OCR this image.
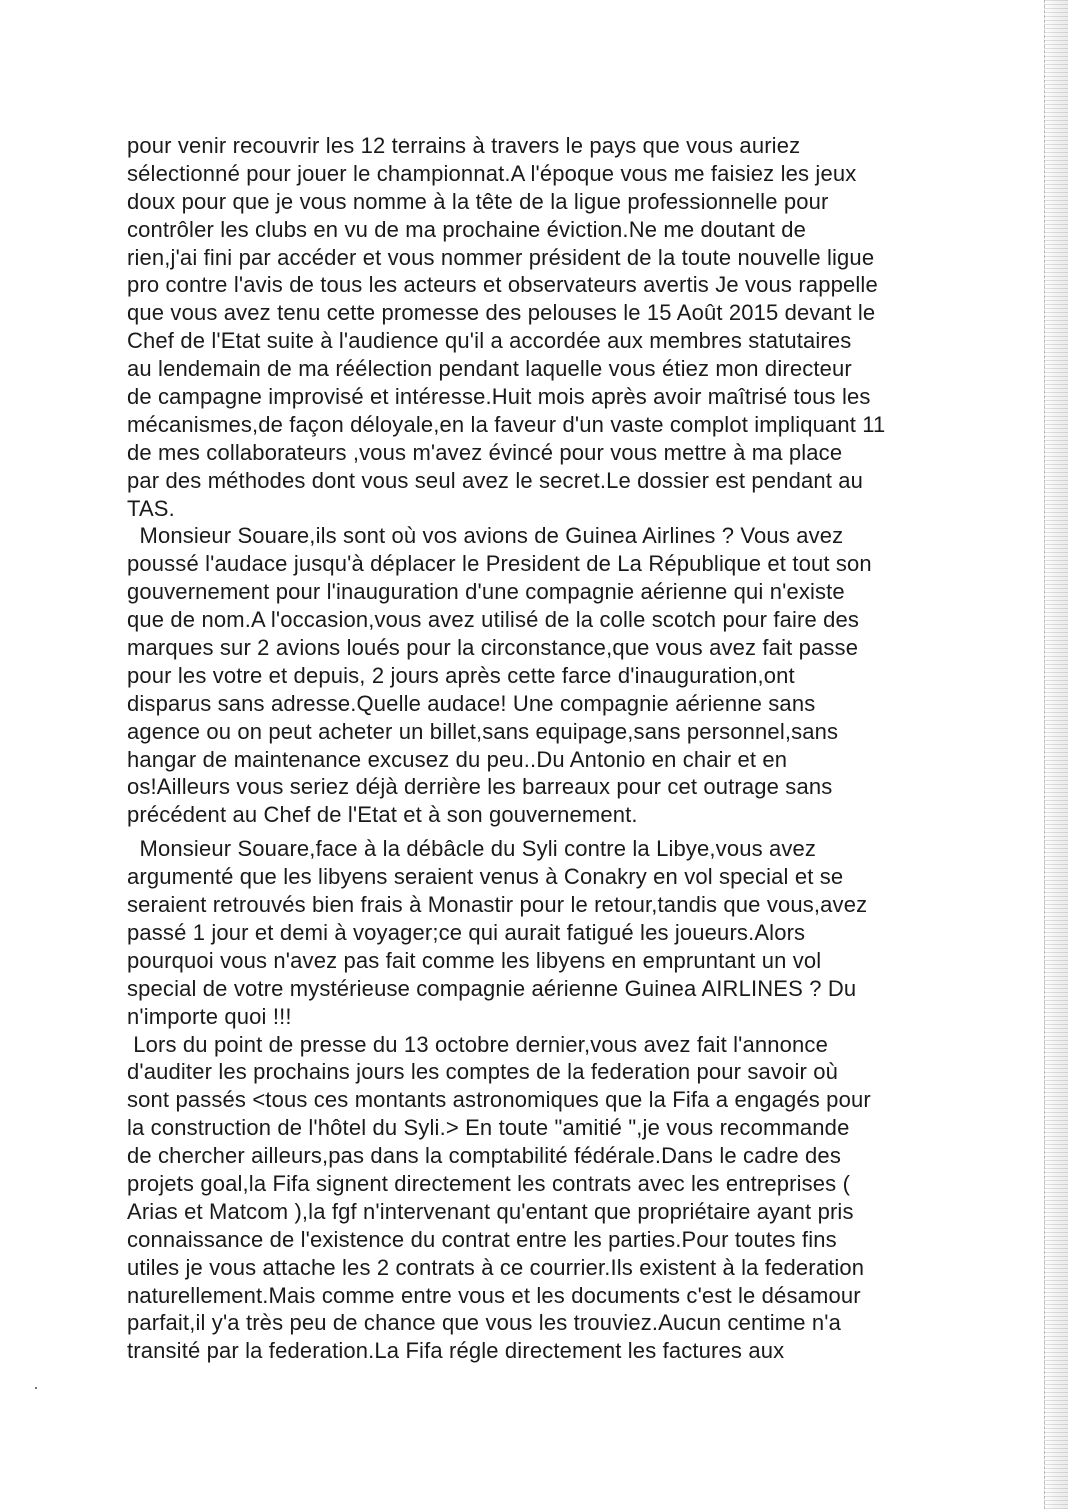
pour venir recouvrir les 12 terrains à travers le pays que vous auriez
sélectionné pour jouer le championnat.A l'époque vous me faisiez les jeux
doux pour que je vous nomme à la tête de la ligue professionnelle pour
contrôler les clubs en vu de ma prochaine éviction.Ne me doutant de
rien,j'ai fini par accéder et vous nommer président de la toute nouvelle ligue
pro contre l'avis de tous les acteurs et observateurs avertis Je vous rappelle
que vous avez tenu cette promesse des pelouses le 15 Août 2015 devant le
Chef de l'Etat suite à l'audience qu'il a accordée aux membres statutaires
au lendemain de ma réélection pendant laquelle vous étiez mon directeur
de campagne improvisé et intéresse.Huit mois après avoir maîtrisé tous les
mécanismes,de façon déloyale,en la faveur d'un vaste complot impliquant 11
de mes collaborateurs ,vous m'avez évincé pour vous mettre à ma place
par des méthodes dont vous seul avez le secret.Le dossier est pendant au
TAS.
Monsieur Souare,ils sont où vos avions de Guinea Airlines ? Vous avez
poussé l'audace jusqu'à déplacer le President de La République et tout son
gouvernement pour l'inauguration d'une compagnie aérienne qui n'existe
que de nom.A l'occasion,vous avez utilisé de la colle scotch pour faire des
marques sur 2 avions loués pour la circonstance,que vous avez fait passe
pour les votre et depuis, 2 jours après cette farce d'inauguration,ont
disparus sans adresse.Quelle audace! Une compagnie aérienne sans
agence ou on peut acheter un billet,sans equipage,sans personnel,sans
hangar de maintenance excusez du peu..Du Antonio en chair et en
os!Ailleurs vous seriez déjà derrière les barreaux pour cet outrage sans
précédent au Chef de l'Etat et à son gouvernement.
Monsieur Souare,face à la débâcle du Syli contre la Libye,vous avez
argumenté que les libyens seraient venus à Conakry en vol special et se
seraient retrouvés bien frais à Monastir pour le retour,tandis que vous,avez
passé 1 jour et demi à voyager;ce qui aurait fatigué les joueurs.Alors
pourquoi vous n'avez pas fait comme les libyens en empruntant un vol
special de votre mystérieuse compagnie aérienne Guinea AIRLINES ? Du
n'importe quoi !!!
Lors du point de presse du 13 octobre dernier,vous avez fait l'annonce
d'auditer les prochains jours les comptes de la federation pour savoir où
sont passés <tous ces montants astronomiques que la Fifa a engagés pour
la construction de l'hôtel du Syli.> En toute "amitié ",je vous recommande
de chercher ailleurs,pas dans la comptabilité fédérale.Dans le cadre des
projets goal,la Fifa signent directement les contrats avec les entreprises (
Arias et Matcom ),la fgf n'intervenant qu'entant que propriétaire ayant pris
connaissance de l'existence du contrat entre les parties.Pour toutes fins
utiles je vous attache les 2 contrats à ce courrier.Ils existent à la federation
naturellement.Mais comme entre vous et les documents c'est le désamour
parfait,il y'a très peu de chance que vous les trouviez.Aucun centime n'a
transité par la federation.La Fifa régle directement les factures aux
